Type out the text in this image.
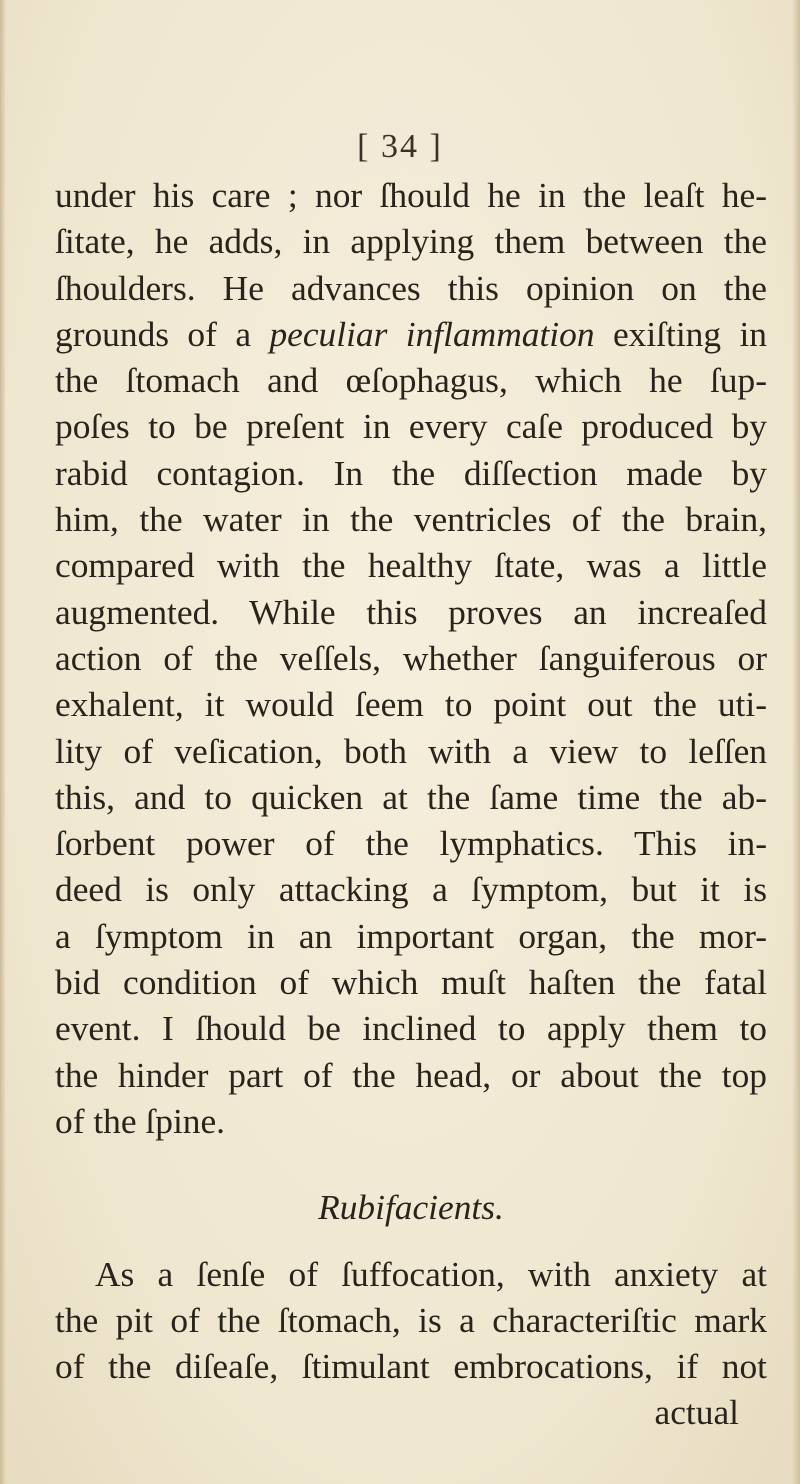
[ 34 ]
under his care ; nor ſhould he in the leaſt he-
ſitate, he adds, in applying them between the
ſhoulders. He advances this opinion on the
grounds of a peculiar inflammation exiſting in
the ſtomach and œſophagus, which he ſup-
poſes to be preſent in every caſe produced by
rabid contagion. In the diſſection made by
him, the water in the ventricles of the brain,
compared with the healthy ſtate, was a little
augmented. While this proves an increaſed
action of the veſſels, whether ſanguiferous or
exhalent, it would ſeem to point out the uti-
lity of veſication, both with a view to leſſen
this, and to quicken at the ſame time the ab-
ſorbent power of the lymphatics. This in-
deed is only attacking a ſymptom, but it is
a ſymptom in an important organ, the mor-
bid condition of which muſt haſten the fatal
event. I ſhould be inclined to apply them to
the hinder part of the head, or about the top
of the ſpine.
Rubifacients.
As a ſenſe of ſuffocation, with anxiety at
the pit of the ſtomach, is a characteriſtic mark
of the diſeaſe, ſtimulant embrocations, if not
actual
